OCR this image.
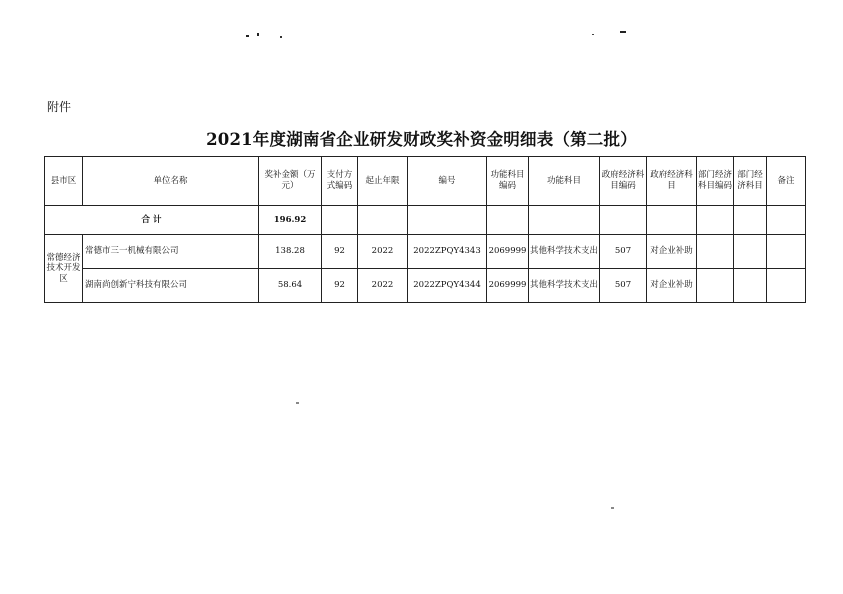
附件
2021年度湖南省企业研发财政奖补资金明细表（第二批）
县市区	单位名称	奖补金额（万元）	支付方式编码	起止年限	编号	功能科目编码	功能科目	政府经济科目编码	政府经济科目	部门经济科目编码	部门经济科目	备注
合 计		196.92										
常德经济技术开发区	常德市三一机械有限公司	138.28	92	2022	2022ZPQY4343	2069999	其他科学技术支出	507	对企业补助			
	湖南尚创新宁科技有限公司	58.64	92	2022	2022ZPQY4344	2069999	其他科学技术支出	507	对企业补助			
